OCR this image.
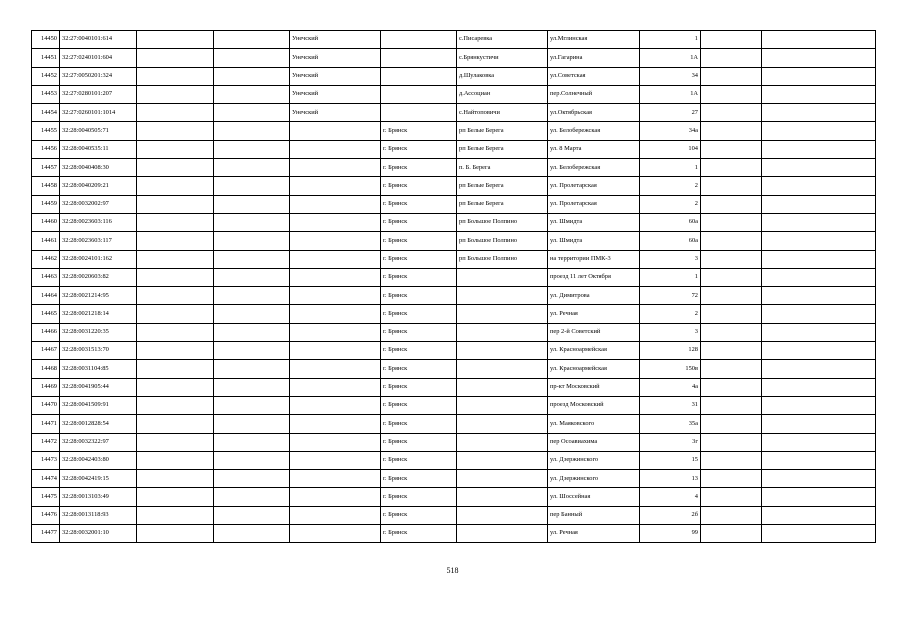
14450	32:27:0040101:614			Унечский		с.Писаревка	ул.Мглинская	1		
14451	32:27:0240101:604			Унечский		с.Брянкустичи	ул.Гагарина	1А		
14452	32:27:0050201:324			Унечский		д.Шулаковка	ул.Советская	34		
14453	32:27:0280101:207			Унечский		д.Ассоциан	пер.Солнечный	1А		
14454	32:27:0260101:1014			Унечский		с.Найтоповичи	ул.Октябрьская	27		
14455	32:28:0040505:71				г. Брянск	рп Белые Берега	ул. Белобережская	34а		
14456	32:28:0040535:11				г. Брянск	рп Белые Берега	ул. 8 Марта	104		
14457	32:28:0040408:30				г. Брянск	п. Б. Берега	ул. Белобережская	1		
14458	32:28:0040209:21				г. Брянск	рп Белые Берега	ул. Пролетарская	2		
14459	32:28:0032002:97				г. Брянск	рп Белые Берега	ул. Пролетарская	2		
14460	32:28:0023603:116				г. Брянск	рп Большое Полпино	ул. Шмидта	60а		
14461	32:28:0023603:117				г. Брянск	рп Большое Полпино	ул. Шмидта	60а		
14462	32:28:0024101:162				г. Брянск	рп Большое Полпино	на территории ПМК-3	3		
14463	32:28:0020603:82				г. Брянск		проезд 11 лет Октября	1		
14464	32:28:0021214:95				г. Брянск		ул. Димитрова	72		
14465	32:28:0021218:14				г. Брянск		ул. Речная	2		
14466	32:28:0031220:35				г. Брянск		пер 2-й Советский	3		
14467	32:28:0031513:70				г. Брянск		ул. Красноармейская	128		
14468	32:28:0031104:85				г. Брянск		ул. Красноармейская	150в		
14469	32:28:0041905:44				г. Брянск		пр-кт Московский	4а		
14470	32:28:0041509:91				г. Брянск		проезд Московский	31		
14471	32:28:0012828:54				г. Брянск		ул. Маяковского	35а		
14472	32:28:0032322:97				г. Брянск		пер Осоавиахима	3г		
14473	32:28:0042403:80				г. Брянск		ул. Дзержинского	15		
14474	32:28:0042419:15				г. Брянск		ул. Дзержинского	13		
14475	32:28:0013103:49				г. Брянск		ул. Шоссейная	4		
14476	32:28:0013118:93				г. Брянск		пер Банный	2б		
14477	32:28:0032001:10				г. Брянск		ул. Речная	99		
518
